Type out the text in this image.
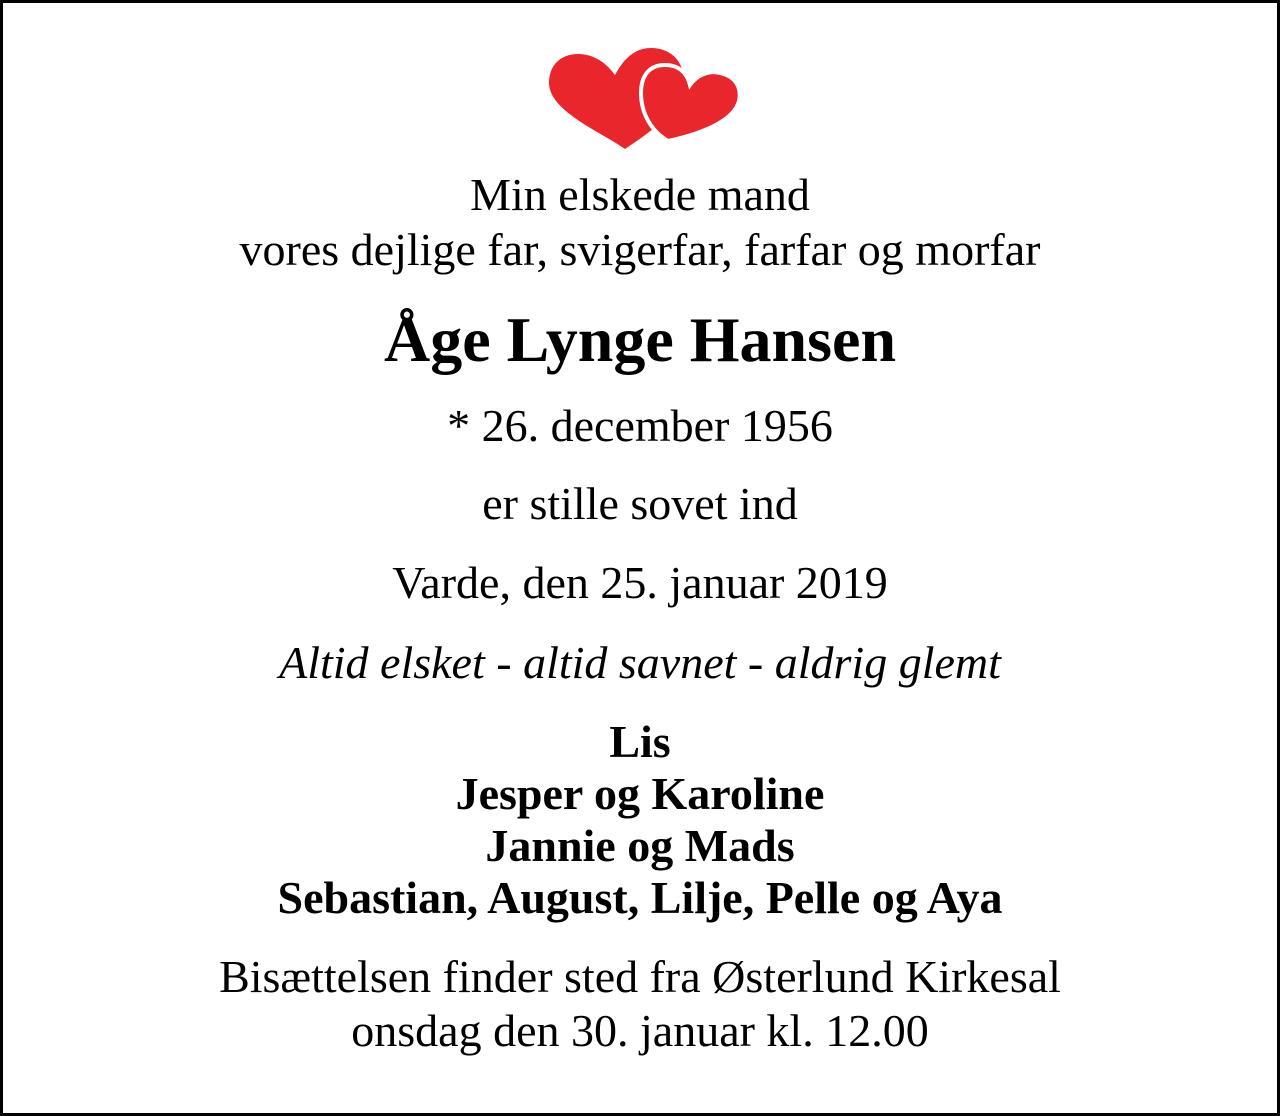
Min elskede mand

vores dejlige far, svigerfar, farfar og morfar

Åge Lynge Hansen

* 26. december 1956

er stille sovet ind

Varde, den 25. januar 2019

Altid elsket - altid savnet - aldrig glemt

Lis

Jesper og Karoline

Jannie og Mads

Sebastian, August, Lilje, Pelle og Aya

Bisættelsen finder sted fra Østerlund Kirkesal

onsdag den 30. januar kl. 12.00
